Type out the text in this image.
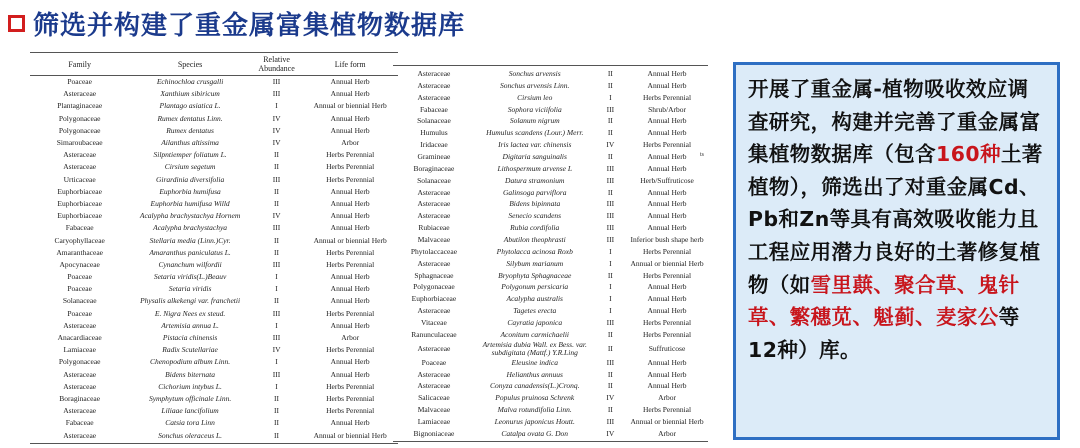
筛选并构建了重金属富集植物数据库
Family	Species	Relative Abundance	Life form
Poaceae	Echinochloa crusgalli	III	Annual Herb
Asteraceae	Xanthium sibiricum	III	Annual Herb
Plantaginaceae	Plantago asiatica L.	I	Annual or biennial Herb
Polygonaceae	Rumex dentatus Linn.	IV	Annual Herb
Polygonaceae	Rumex dentatus	IV	Annual Herb
Simaroubaceae	Ailanthus altissima	IV	Arbor
Asteraceae	Silpntiemper foliatum L.	II	Herbs Perennial
Asteraceae	Cirsium segetum	II	Herbs Perennial
Urticaceae	Girardinia diversifolia	III	Herbs Perennial
Euphorbiaceae	Euphorbia humifusa	II	Annual Herb
Euphorbiaceae	Euphorbia humifusa Willd	II	Annual Herb
Euphorbiaceae	Acalypha brachystachya Hornem	IV	Annual Herb
Fabaceae	Acalypha brachystachya	III	Annual Herb
Caryophyllaceae	Stellaria media (Linn.)Cyr.	II	Annual or biennial Herb
Amaranthaceae	Amaranthus paniculatus L.	II	Herbs Perennial
Apocynaceae	Cynanchum wilfordii	III	Herbs Perennial
Poaceae	Setaria viridis(L.)Beauv	I	Annual Herb
Poaceae	Setaria viridis	I	Annual Herb
Solanaceae	Physalis alkekengi var. franchetii	II	Annual Herb
Poaceae	E. Nigra Nees ex steud.	III	Herbs Perennial
Asteraceae	Artemisia annua L.	I	Annual Herb
Anacardiaceae	Pistacia chinensis	III	Arbor
Lamiaceae	Radix Scutellariae	IV	Herbs Perennial
Polygonaceae	Chenopodium album Linn.	I	Annual Herb
Asteraceae	Bidens biternata	III	Annual Herb
Asteraceae	Cichorium intybus L.	I	Herbs Perennial
Boraginaceae	Symphytum officinale Linn.	II	Herbs Perennial
Asteraceae	Liliaae lancifolium	II	Herbs Perennial
Fabaceae	Catsia tora Linn	II	Annual Herb
Asteraceae	Sonchus oleraceus L.	II	Annual or biennial Herb
Asteraceae	Sonchus arvensis	II	Annual Herb
Asteraceae	Sonchus arvensis Linn.	II	Annual Herb
Asteraceae	Cirsium leo	I	Herbs Perennial
Fabaceae	Sophora viciifolia	III	Shrub/Arbor
Solanaceae	Solanum nigrum	II	Annual Herb
Humulus	Humulus scandens (Lour.) Merr.	II	Annual Herb
Iridaceae	Iris lactea var. chinensis	IV	Herbs Perennial
Gramineae	Digitaria sanguinalis	II	Annual Herb
Boraginaceae	Lithospermum arvense L	III	Annual Herb
Solanaceae	Datura stramonium	III	Herb/Suffruticose
Asteraceae	Galinsoga parviflora	II	Annual Herb
Asteraceae	Bidens bipinnata	III	Annual Herb
Asteraceae	Senecio scandens	III	Annual Herb
Rubiaceae	Rubia cordifolia	III	Annual Herb
Malvaceae	Abutilon theophrasti	III	Inferior bush shape herb
Phytolaccaceae	Phytolacca acinosa Roxb	I	Herbs Perennial
Asteraceae	Silybum marianum	I	Annual or biennial Herb
Sphagnaceae	Bryophyta Sphagnaceae	II	Herbs Perennial
Polygonaceae	Polygonum persicaria	I	Annual Herb
Euphorbiaceae	Acalypha australis	I	Annual Herb
Asteraceae	Tagetes erecta	I	Annual Herb
Vitaceae	Cayratia japonica	III	Herbs Perennial
Ranunculaceae	Aconitum carmichaelii	II	Herbs Perennial
Asteraceae	Artemisia dubia Wall. ex Bess. var. subdigitata (Mattf.) Y.R.Ling	II	Suffruticose
Poaceae	Eleusine indica	III	Annual Herb
Asteraceae	Helianthus annuus	II	Annual Herb
Asteraceae	Conyza canadensis(L.)Cronq.	II	Annual Herb
Salicaceae	Populus pruinosa Schrenk	IV	Arbor
Malvaceae	Malva rotundifolia Linn.	II	Herbs Perennial
Lamiaceae	Leonurus japonicus Houtt.	III	Annual or biennial Herb
Bignoniaceae	Catalpa ovata G. Don	IV	Arbor
ts
开展了重金属-植物吸收效应调查研究，构建并完善了重金属富集植物数据库（包含160种土著植物），筛选出了对重金属Cd、Pb和Zn等具有高效吸收能力且工程应用潜力良好的土著修复植物（如雪里蕻、聚合草、鬼针草、繁穗苋、魁蓟、麦家公等12种）库。
